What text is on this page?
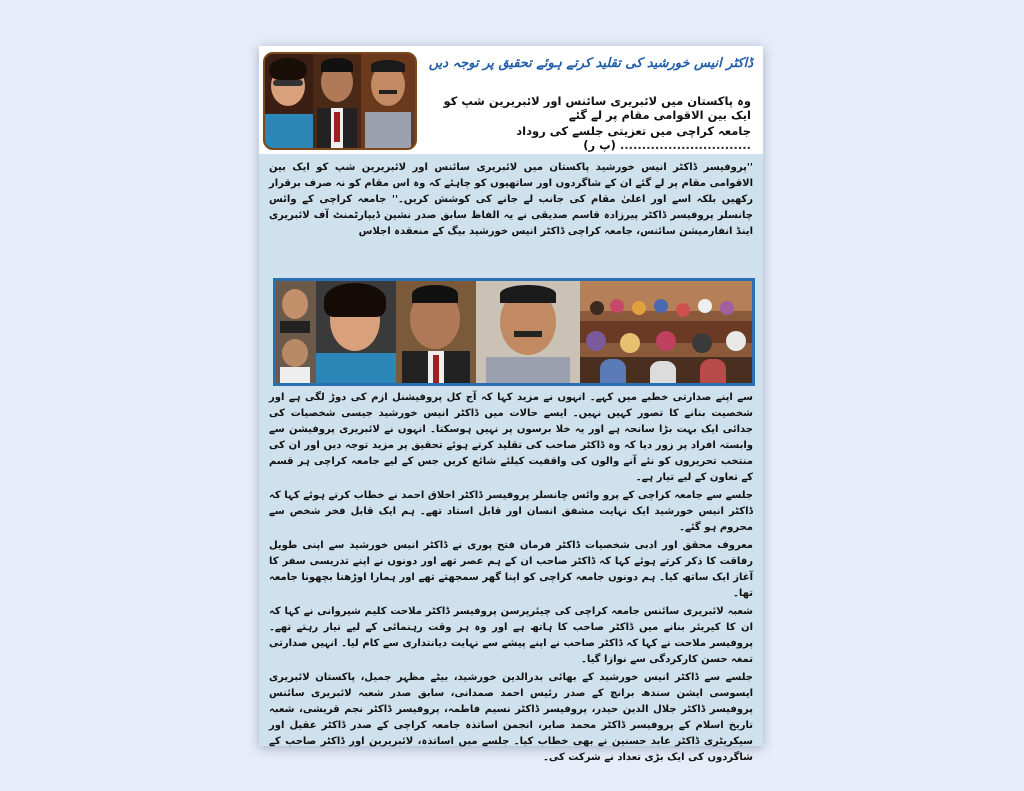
ڈاکٹر انیس خورشید کی تقلید کرتے ہوئے تحقیق پر توجہ دیں
وہ پاکستان میں لائبریری سائنس اور لائبریرین شپ کو ایک بین الاقوامی مقام پر لے گئے
جامعہ کراچی میں تعزیتی جلسے کی روداد .............................. (پ ر)
''پروفیسر ڈاکٹر انیس خورشید پاکستان میں لائبریری سائنس اور لائبریرین شپ کو ایک بین الاقوامی مقام پر لے گئے ان کے شاگردوں اور ساتھیوں کو چاہئے کہ وہ اس مقام کو نہ صرف برقرار رکھیں بلکہ اسے اور اعلیٰ مقام کی جانب لے جانے کی کوشش کریں۔'' جامعہ کراچی کے وائس چانسلر پروفیسر ڈاکٹر پیرزادہ قاسم صدیقی نے یہ الفاظ سابق صدر نشین ڈیپارٹمنٹ آف لائبریری اینڈ انفارمیشن سائنس، جامعہ کراچی ڈاکٹر انیس خورشید بیگ کے منعقدہ اجلاس
سے اپنے صدارتی خطبے میں کہے۔ انہوں نے مزید کہا کہ آج کل پروفیشنل ازم کی دوڑ لگی ہے اور شخصیت بنانے کا تصور کہیں نہیں۔ ایسے حالات میں ڈاکٹر انیس خورشید جیسی شخصیات کی جدائی ایک بہت بڑا سانحہ ہے اور یہ خلا برسوں پر نہیں ہوسکتا۔ انہوں نے لائبریری پروفیشن سے وابستہ افراد پر زور دیا کہ وہ ڈاکٹر صاحب کی تقلید کرتے ہوئے تحقیق پر مزید توجہ دیں اور ان کی منتخب تحریروں کو نئے آنے والوں کی واقفیت کیلئے شائع کریں جس کے لیے جامعہ کراچی ہر قسم کے تعاون کے لیے تیار ہے۔
جلسے سے جامعہ کراچی کے پرو وائس چانسلر پروفیسر ڈاکٹر اخلاق احمد نے خطاب کرتے ہوئے کہا کہ ڈاکٹر انیس خورشید ایک نہایت مشفق انسان اور قابل استاد تھے۔ ہم ایک قابل فخر شخص سے محروم ہو گئے۔
معروف محقق اور ادبی شخصیات ڈاکٹر فرمان فتح پوری نے ڈاکٹر انیس خورشید سے اپنی طویل رفاقت کا ذکر کرتے ہوئے کہا کہ ڈاکٹر صاحب ان کے ہم عصر تھے اور دونوں نے اپنے تدریسی سفر کا آغاز ایک ساتھ کیا۔ ہم دونوں جامعہ کراچی کو اپنا گھر سمجھتے تھے اور ہمارا اوڑھنا بچھونا جامعہ تھا۔
شعبہ لائبریری سائنس جامعہ کراچی کی چیئرپرسن پروفیسر ڈاکٹر ملاحت کلیم شیروانی نے کہا کہ ان کا کیریئر بنانے میں ڈاکٹر صاحب کا ہاتھ ہے اور وہ ہر وقت رہنمائی کے لیے تیار رہتے تھے۔ پروفیسر ملاحت نے کہا کہ ڈاکٹر صاحب نے اپنے پیشے سے نہایت دیانتداری سے کام لیا۔ انہیں صدارتی تمغہ حسن کارکردگی سے نوازا گیا۔
جلسے سے ڈاکٹر انیس خورشید کے بھائی بدرالدین خورشید، بیٹے مظہر جمیل، پاکستان لائبریری ایسوسی ایشن سندھ برانچ کے صدر رئیس احمد صمدانی، سابق صدر شعبہ لائبریری سائنس پروفیسر ڈاکٹر جلال الدین حیدر، پروفیسر ڈاکٹر نسیم فاطمہ، پروفیسر ڈاکٹر نجم قریشی، شعبہ تاریخ اسلام کے پروفیسر ڈاکٹر محمد صابر، انجمن اساتذہ جامعہ کراچی کے صدر ڈاکٹر عقیل اور سیکریٹری ڈاکٹر عابد حسنین نے بھی خطاب کیا۔ جلسے میں اساتذہ، لائبریرین اور ڈاکٹر صاحب کے شاگردوں کی ایک بڑی تعداد نے شرکت کی۔
